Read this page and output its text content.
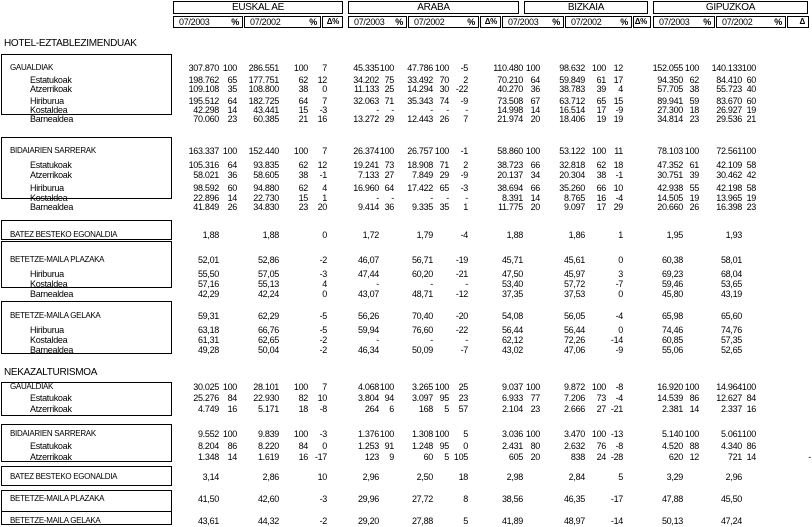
EUSKAL AE	ARABA	BIZKAIA	GIPUZKOA
07/2003 % 07/2002	% Δ% 07/2003 % 07/2002	% Δ% 07/2003 % 07/2002 % Δ% 07/2003 % 07/2002 % Δ
HOTEL-EZTABLEZIMENDUAK
GAUALDIAK	307.870 100	286.551	100	7	45.335 100	47.786 100	-5	110.480 100	98.632 100 12	152.055 100	140.133 100
Estatukoak	198.762 65	177.751	62	12	34.202 75	33.492 70	2	70.210 64	59.849	61 17	94.350 62	84.410 60
Atzerrikoak	109.108 35	108.800	38	0	11.133 25	14.294 30 -22	40.270 36	38.783	39	4	57.705 38	55.723 40
Hiriburua	195.512 64	182.725	64	7	32.063 71	35.343 74	-9	73.508 67	63.712	65 15	89.941 59	83.670 60
Kostaldea	42.298 14	43.441	15	-3	-	-	-	-	-	14.998 14	16.514	17	-9	27.300 18	26.927 19
Barnealdea	70.060 23	60.385	21	16	13.272 29	12.443 26	7	21.974 20	18.406	19 19	34.814 23	29.536 21
BIDAIARIEN SARRERAK	163.337 100	152.440	100	7	26.374 100	26.757 100	-1	58.860 100	53.122 100 11	78.103 100	72.561 100
Estatukoak	105.316 64	93.835	62	12	19.241 73	18.908 71	2	38.723 66	32.818	62 18	47.352 61	42.109 58
Atzerrikoak	58.021 36	58.605	38	-1	7.133 27	7.849 29	-9	20.137 34	20.304	38	-1	30.751 39	30.462 42
Hiriburua	98.592 60	94.880	62	4	16.960 64	17.422 65	-3	38.694 66	35.260	66 10	42.938 55	42.198 58
Kostaldea	22.896 14	22.730	15	1	-	-	-	-	-	8.391 14	8.765	16	-4	14.505 19	13.965 19
Barnealdea	41.849 26	34.830	23	20	9.414 36	9.335 35	1	11.775 20	9.097	17 29	20.660 26	16.398 23
BATEZ BESTEKO EGONALDIA	1,88	1,88	0	1,72	1,79	-4	1,88	1,86	1	1,95	1,93
BETETZE-MAILA PLAZAKA	52,01	52,86	-2	46,07	56,71	-19	45,71	45,61	0	60,38	58,01
Hiriburua	55,50	57,05	-3	47,44	60,20	-21	47,50	45,97	3	69,23	68,04
Kostaldea	57,16	55,13	4	-	-	-	53,40	57,72	-7	59,46	53,65
Barnealdea	42,29	42,24	0	43,07	48,71	-12	37,35	37,53	0	45,80	43,19
BETETZE-MAILA GELAKA	59,31	62,29	-5	56,26	70,40	-20	54,08	56,05	-4	65,98	65,60
Hiriburua	63,18	66,76	-5	59,94	76,60	-22	56,44	56,44	0	74,46	74,76
Kostaldea	61,31	62,65	-2	-	-	-	62,12	72,26	-14	60,85	57,35
Barnealdea	49,28	50,04	-2	46,34	50,09	-7	43,02	47,06	-9	55,06	52,65
NEKAZALTURISMOA
GAUALDIAK	30.025 100	28.101	100	7	4.068 100	3.265 100	25	9.037 100	9.872 100	-8	16.920 100	14.964 100
Estatukoak	25.276 84	22.930	82	10	3.804 94	3.097 95	23	6.933 77	7.206	73	-4	14.539 86	12.627 84
Atzerrikoak	4.749 16	5.171	18	-8	264	6	168	5	57	2.104 23	2.666	27 -21	2.381 14	2.337 16
BIDAIARIEN SARRERAK	9.552 100	9.839	100	-3	1.376 100	1.308 100	5	3.036 100	3.470 100 -13	5.140 100	5.061 100
Estatukoak	8.204 86	8.220	84	0	1.253 91	1.248 95	0	2.431 80	2.632	76	-8	4.520 88	4.340 86
Atzerrikoak	1.348 14	1.619	16 -17	123	9	60	5 105	605 20	838	24 -28	620 12	721 14	-
BATEZ BESTEKO EGONALDIA	3,14	2,86	10	2,96	2,50	18	2,98	2,84	5	3,29	2,96
BETETZE-MAILA PLAZAKA	41,50	42,60	-3	29,96	27,72	8	38,56	46,35	-17	47,88	45,50
BETETZE-MAILA GELAKA	43,61	44,32	-2	29,20	27,88	5	41,89	48,97	-14	50,13	47,24
